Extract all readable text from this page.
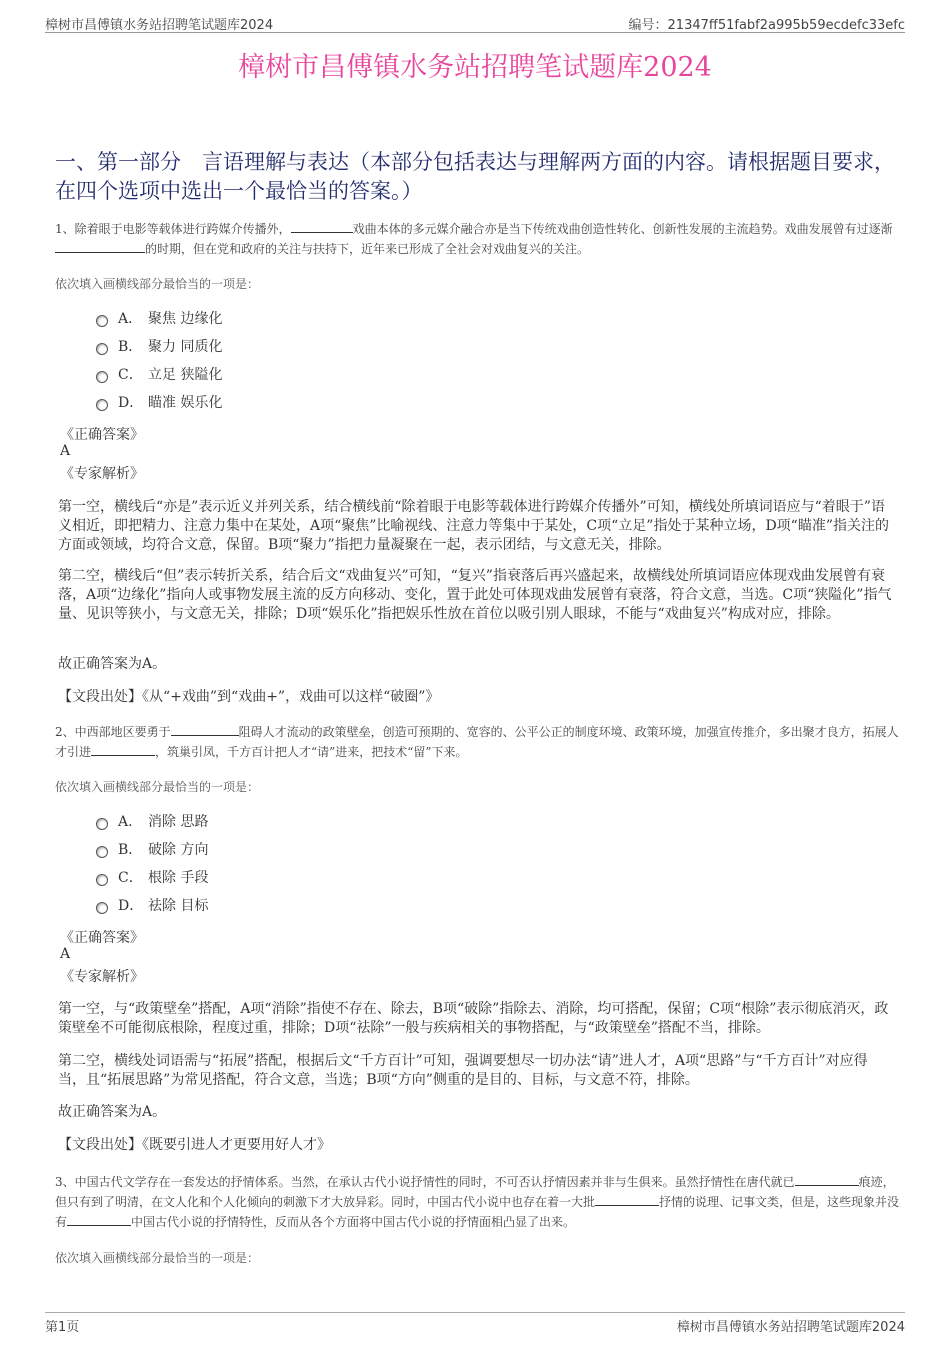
樟树市昌傅镇水务站招聘笔试题库2024	编号：21347ff51fabf2a995b59ecdefc33efc
樟树市昌傅镇水务站招聘笔试题库2024
一、第一部分　言语理解与表达（本部分包括表达与理解两方面的内容。请根据题目要求，在四个选项中选出一个最恰当的答案。）
1、除着眼于电影等载体进行跨媒介传播外，	戏曲本体的多元媒介融合亦是当下传统戏曲创造性转化、创新性发展的主流趋势。戏曲发展曾有过逐渐的时期，但在党和政府的关注与扶持下，近年来已形成了全社会对戏曲复兴的关注。
依次填入画横线部分最恰当的一项是：
A． 聚焦 边缘化
B． 聚力 同质化
C． 立足 狭隘化
D． 瞄准 娱乐化
《正确答案》
A
《专家解析》
第一空，横线后“亦是”表示近义并列关系，结合横线前“除着眼于电影等载体进行跨媒介传播外”可知，横线处所填词语应与“着眼于”语义相近，即把精力、注意力集中在某处，A项“聚焦”比喻视线、注意力等集中于某处，C项“立足”指处于某种立场，D项“瞄准”指关注的方面或领域，均符合文意，保留。B项“聚力”指把力量凝聚在一起，表示团结，与文意无关，排除。
第二空，横线后“但”表示转折关系，结合后文“戏曲复兴”可知，“复兴”指衰落后再兴盛起来，故横线处所填词语应体现戏曲发展曾有衰落，A项“边缘化”指向人或事物发展主流的反方向移动、变化，置于此处可体现戏曲发展曾有衰落，符合文意，当选。C项“狭隘化”指气量、见识等狭小，与文意无关，排除；D项“娱乐化”指把娱乐性放在首位以吸引别人眼球，不能与“戏曲复兴”构成对应，排除。
故正确答案为A。
【文段出处】《从“+戏曲”到“戏曲+”，戏曲可以这样“破圈”》
2、中西部地区要勇于	阻碍人才流动的政策壁垒，创造可预期的、宽容的、公平公正的制度环境、政策环境，加强宣传推介，多出聚才良方，拓展人才引进	，筑巢引凤，千方百计把人才“请”进来，把技术“留”下来。
依次填入画横线部分最恰当的一项是：
A． 消除 思路
B． 破除 方向
C． 根除 手段
D． 祛除 目标
《正确答案》
A
《专家解析》
第一空，与“政策壁垒”搭配，A项“消除”指使不存在、除去，B项“破除”指除去、消除，均可搭配，保留；C项“根除”表示彻底消灭，政策壁垒不可能彻底根除，程度过重，排除；D项“祛除”一般与疾病相关的事物搭配，与“政策壁垒”搭配不当，排除。
第二空，横线处词语需与“拓展”搭配，根据后文“千方百计”可知，强调要想尽一切办法“请”进人才，A项“思路”与“千方百计”对应得当，且“拓展思路”为常见搭配，符合文意，当选；B项“方向”侧重的是目的、目标，与文意不符，排除。
故正确答案为A。
【文段出处】《既要引进人才更要用好人才》
3、中国古代文学存在一套发达的抒情体系。当然，在承认古代小说抒情性的同时，不可否认抒情因素并非与生俱来。虽然抒情性在唐代就已	痕迹，但只有到了明清，在文人化和个人化倾向的刺激下才大放异彩。同时，中国古代小说中也存在着一大批	抒情的说理、记事文类，但是，这些现象并没有	中国古代小说的抒情特性，反而从各个方面将中国古代小说的抒情面相凸显了出来。
依次填入画横线部分最恰当的一项是：
第1页	樟树市昌傅镇水务站招聘笔试题库2024
